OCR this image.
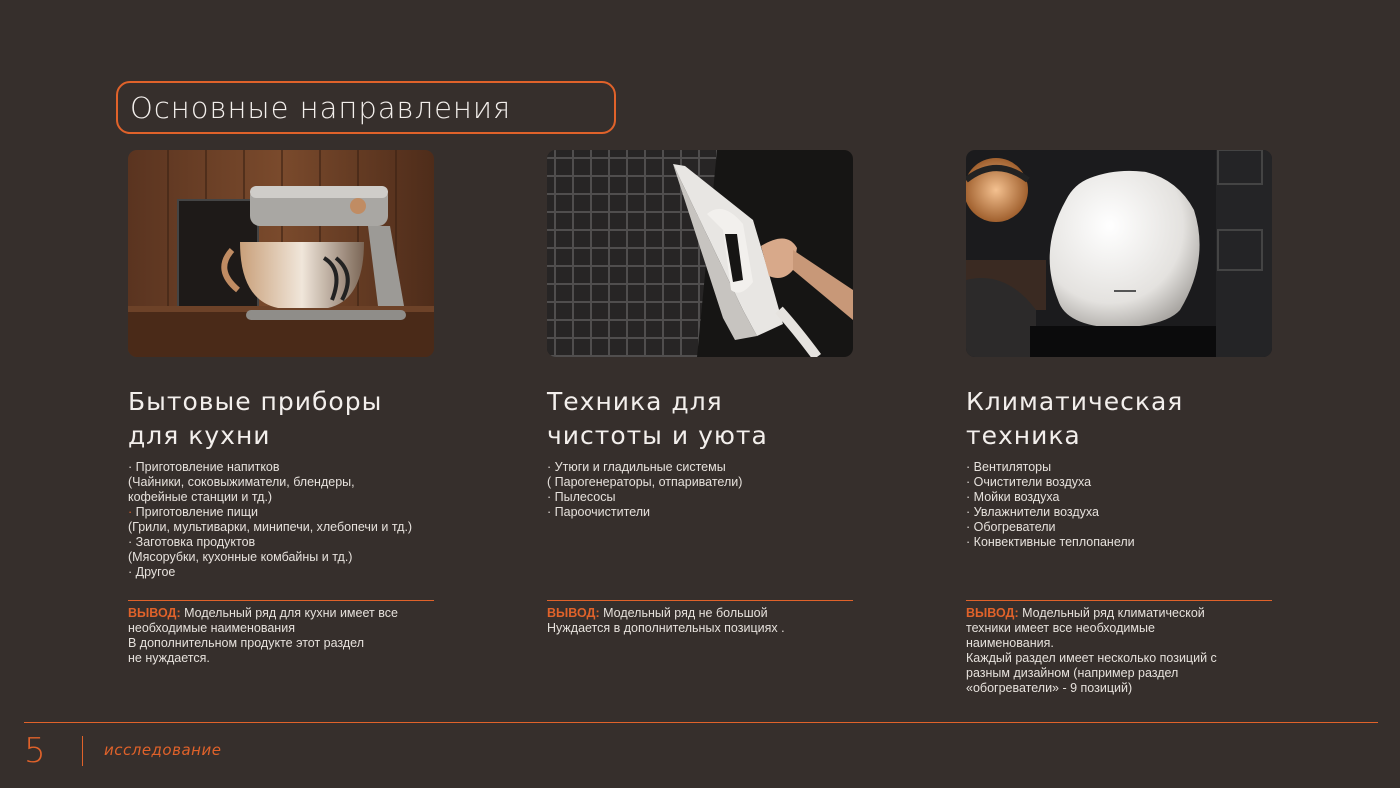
Основные направления
Бытовые приборы
для кухни
· Приготовление напитков
(Чайники, соковыжиматели, блендеры,
кофейные станции и тд.)
· Приготовление пищи
(Грили, мультиварки, минипечи, хлебопечи и тд.)
· Заготовка продуктов
(Мясорубки, кухонные комбайны и тд.)
· Другое
ВЫВОД: Модельный ряд для кухни имеет все
необходимые наименования
В дополнительном продукте этот раздел
не нуждается.
Техника для
чистоты и уюта
· Утюги и гладильные системы
( Парогенераторы, отпариватели)
· Пылесосы
· Пароочистители
ВЫВОД: Модельный ряд не большой
Нуждается в дополнительных позициях .
Климатическая
техника
· Вентиляторы
· Очистители воздуха
· Мойки воздуха
· Увлажнители воздуха
· Обогреватели
· Конвективные теплопанели
ВЫВОД: Модельный ряд климатической
техники имеет все необходимые
наименования.
Каждый раздел имеет несколько позиций с
разным дизайном (например раздел
«обогреватели» - 9 позиций)
5	исследование
